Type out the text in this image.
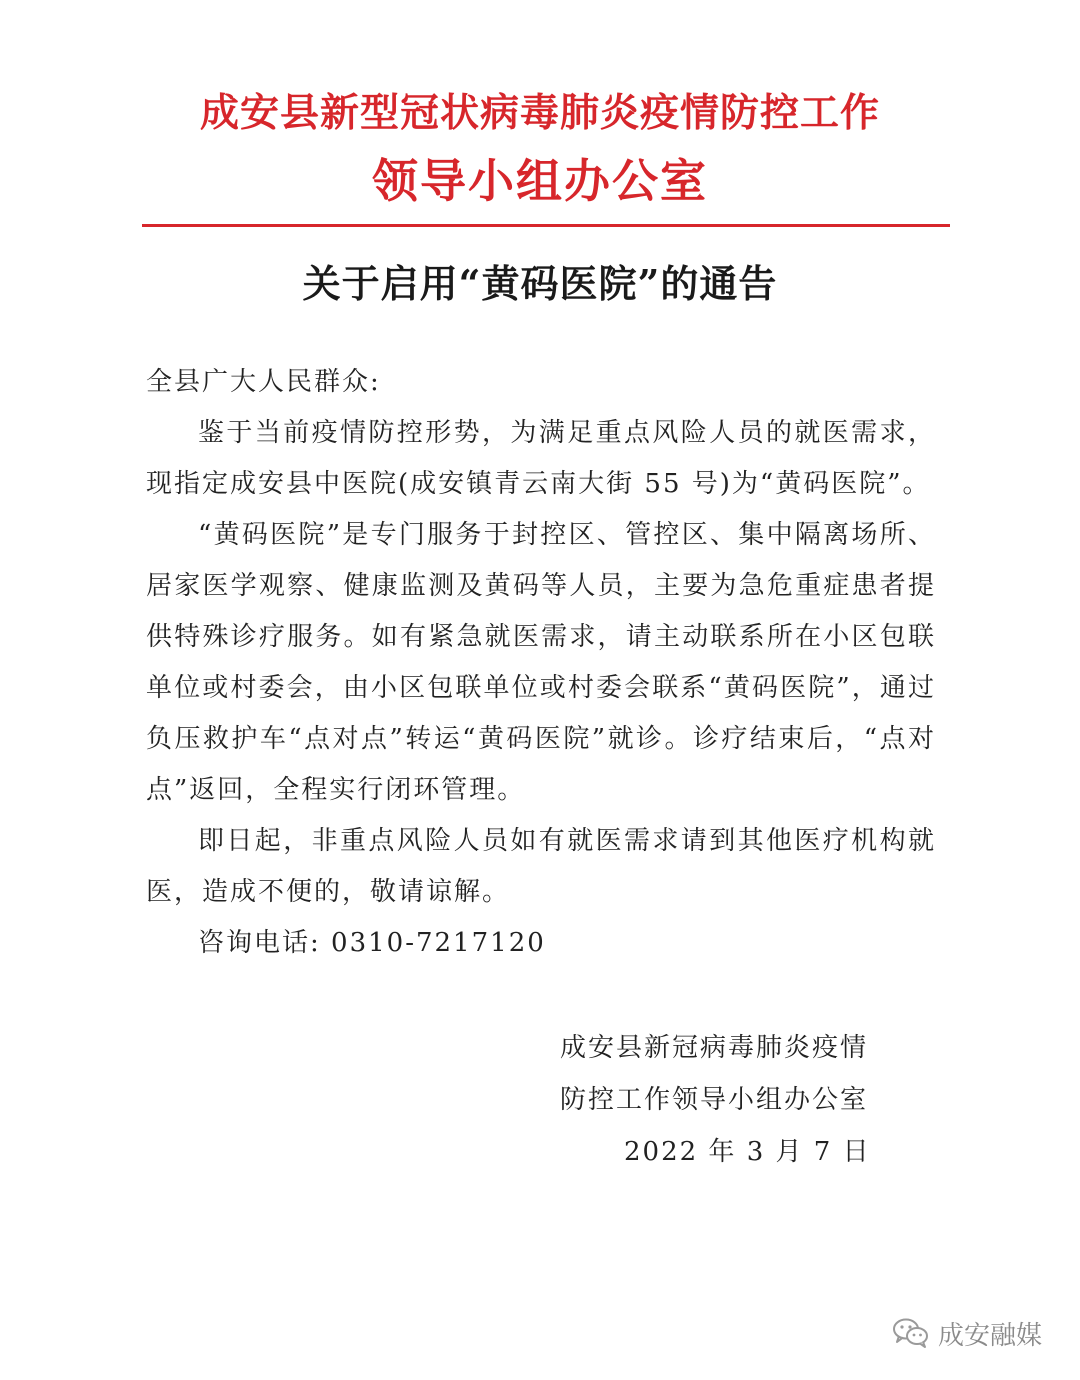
成安县新型冠状病毒肺炎疫情防控工作
领导小组办公室
关于启用“黄码医院”的通告

全县广大人民群众:

鉴于当前疫情防控形势，为满足重点风险人员的就医需求，现指定成安县中医院(成安镇青云南大街 55 号)为“黄码医院”。

“黄码医院”是专门服务于封控区、管控区、集中隔离场所、居家医学观察、健康监测及黄码等人员，主要为急危重症患者提供特殊诊疗服务。如有紧急就医需求，请主动联系所在小区包联单位或村委会，由小区包联单位或村委会联系“黄码医院”，通过负压救护车“点对点”转运“黄码医院”就诊。诊疗结束后，“点对点”返回，全程实行闭环管理。

即日起，非重点风险人员如有就医需求请到其他医疗机构就医，造成不便的，敬请谅解。

咨询电话: 0310-7217120

成安县新冠病毒肺炎疫情
防控工作领导小组办公室
2022 年 3 月 7 日
成安融媒
